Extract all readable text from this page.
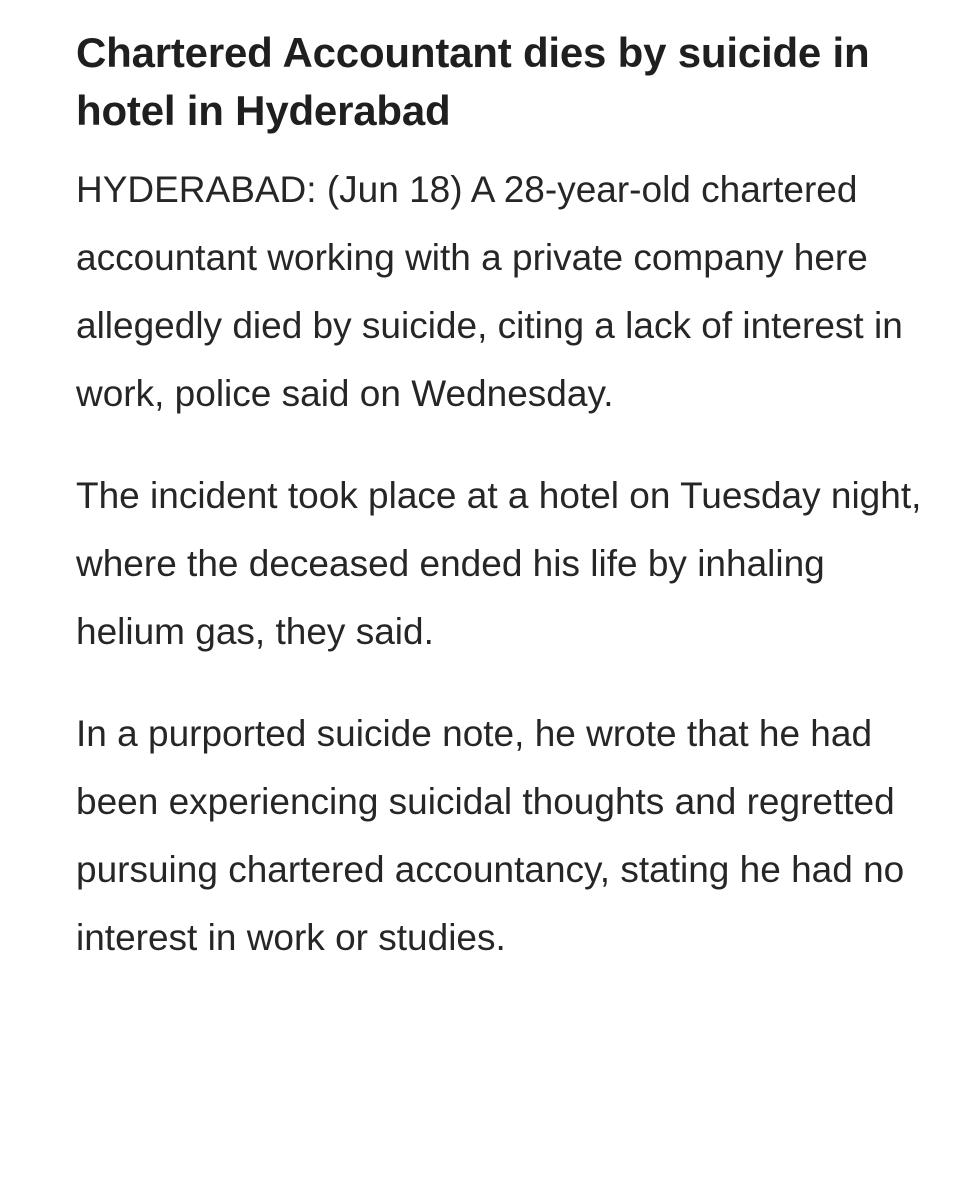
Chartered Accountant dies by suicide in hotel in Hyderabad

HYDERABAD: (Jun 18) A 28-year-old chartered accountant working with a private company here allegedly died by suicide, citing a lack of interest in work, police said on Wednesday.

The incident took place at a hotel on Tuesday night, where the deceased ended his life by inhaling helium gas, they said.

In a purported suicide note, he wrote that he had been experiencing suicidal thoughts and regretted pursuing chartered accountancy, stating he had no interest in work or studies.
